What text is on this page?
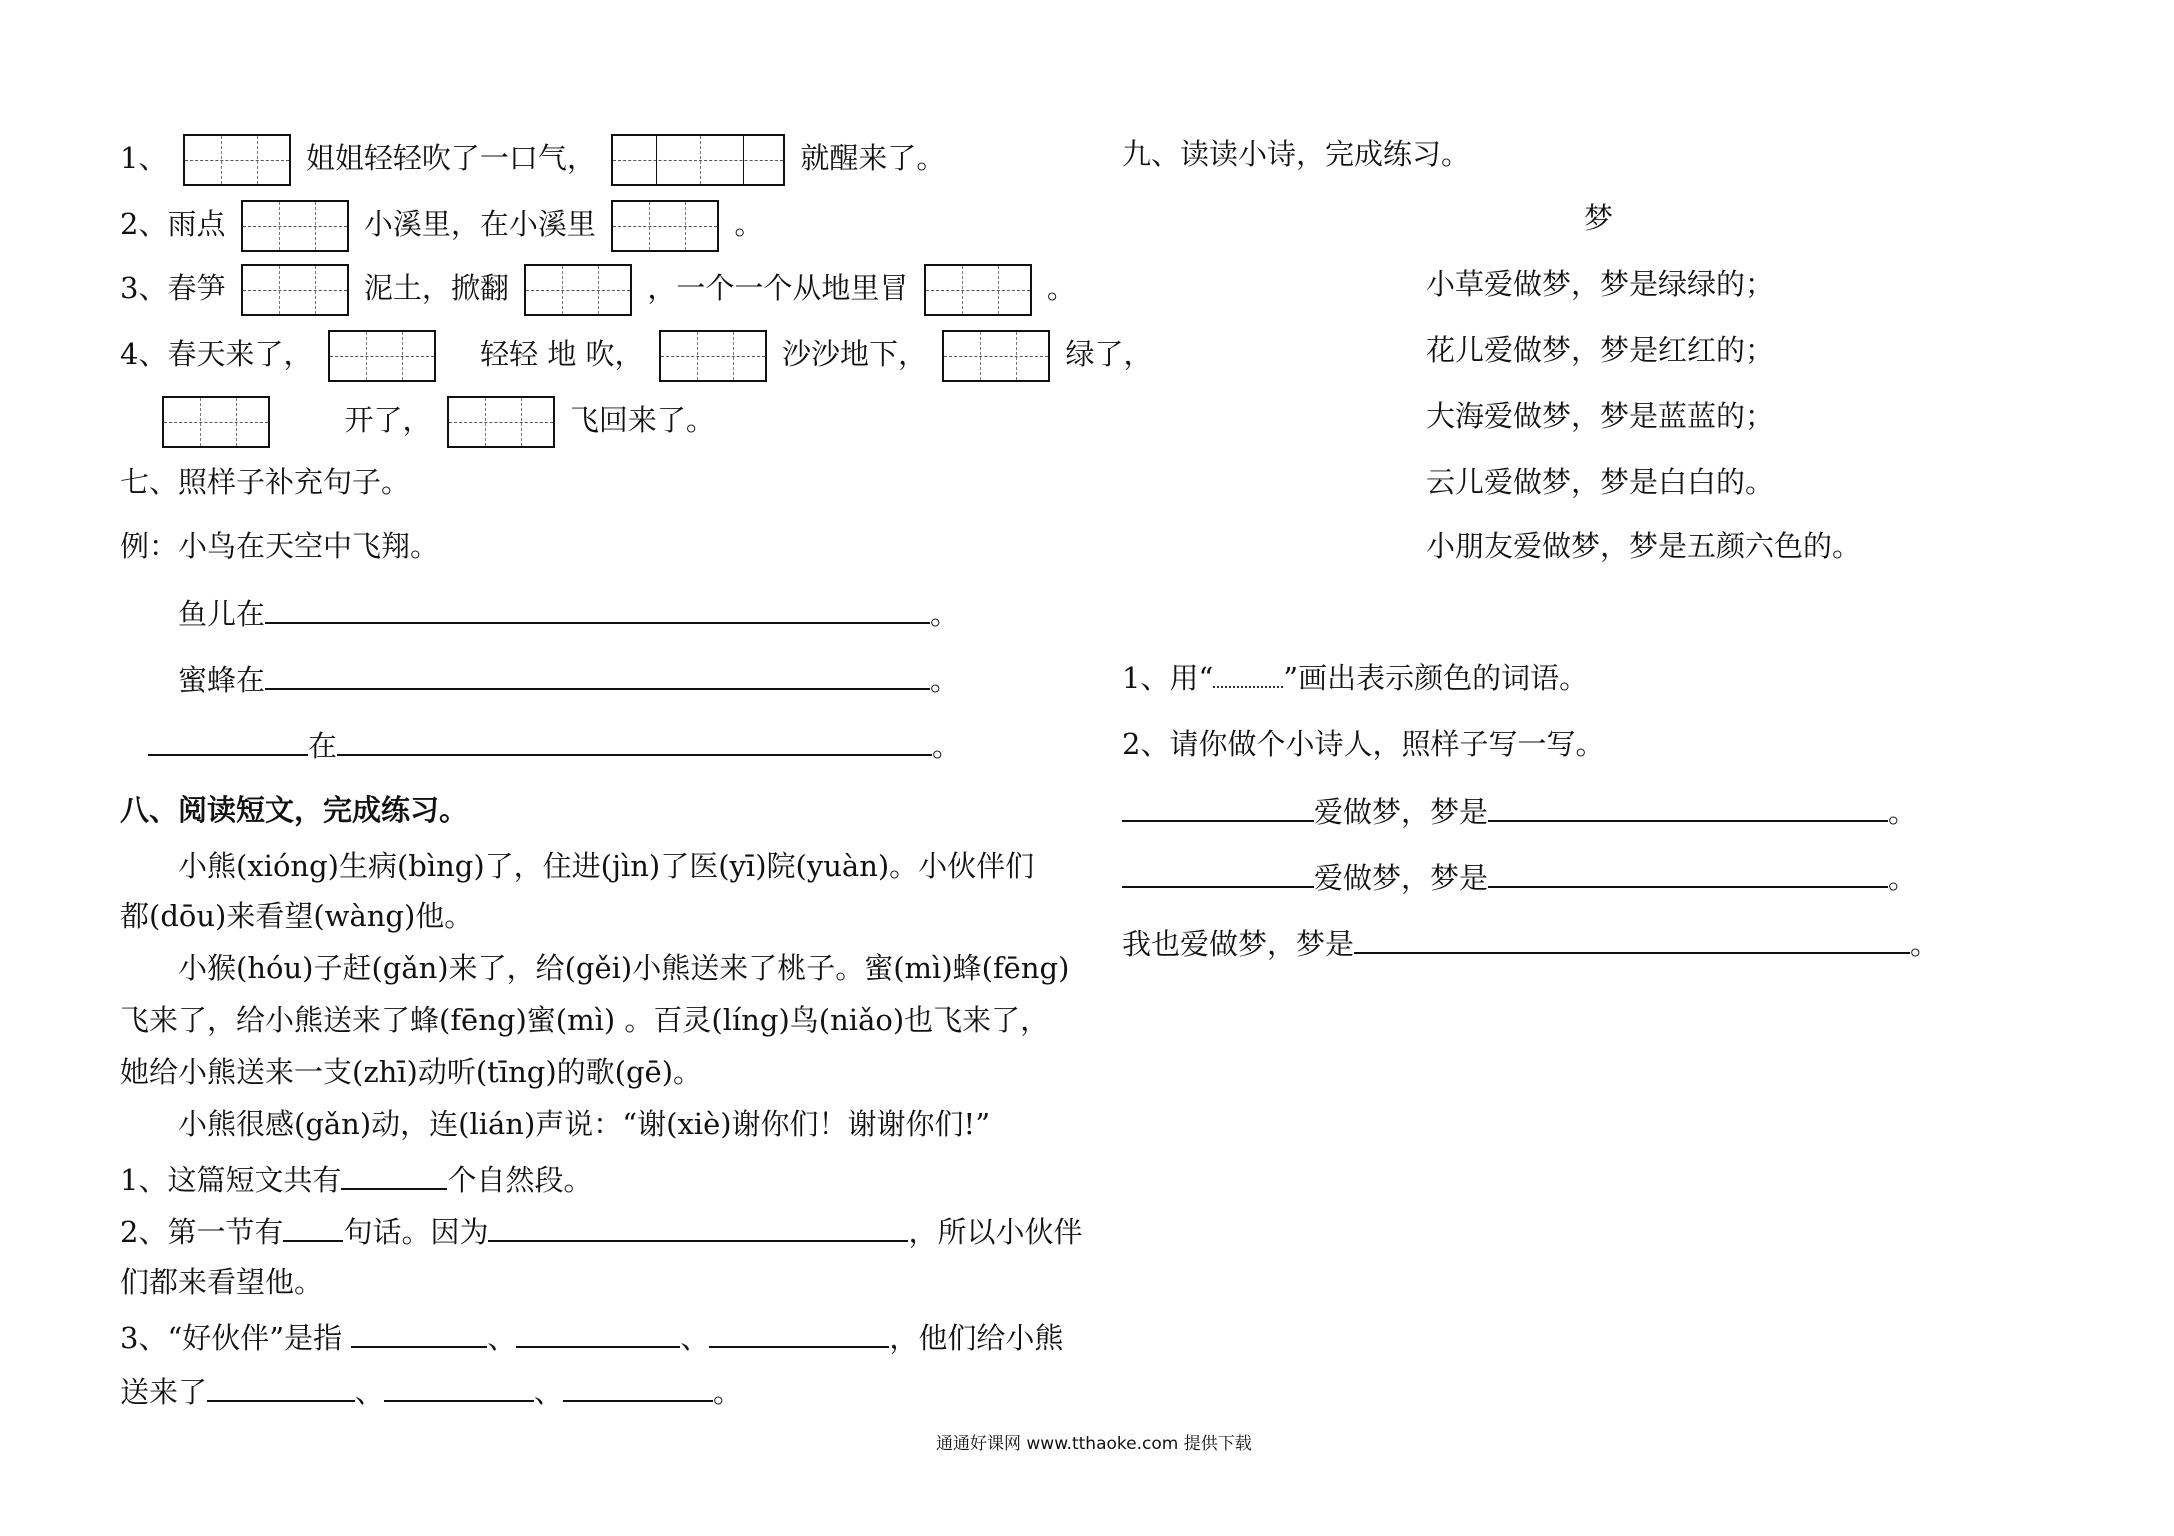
1、	姐姐轻轻吹了一口气，	就醒来了。
2、雨点	小溪里，在小溪里	。
3、春笋	泥土，掀翻	，一个一个从地里冒	。
4、春天来了，	轻轻 地 吹，	沙沙地下，	绿了，
开了，	飞回来了。
七、照样子补充句子。
例：小鸟在天空中飞翔。
鱼儿在	。
蜜蜂在	。
在	。
八、阅读短文，完成练习。
小熊(xióng)生病(bìng)了，住进(jìn)了医(yī)院(yuàn)。小伙伴们
都(dōu)来看望(wàng)他。
小猴(hóu)子赶(gǎn)来了，给(gěi)小熊送来了桃子。蜜(mì)蜂(fēng)
飞来了，给小熊送来了蜂(fēng)蜜(mì) 。百灵(líng)鸟(niǎo)也飞来了，
她给小熊送来一支(zhī)动听(tīng)的歌(gē)。
小熊很感(gǎn)动，连(lián)声说：“谢(xiè)谢你们！谢谢你们!”
1、这篇短文共有	个自然段。
2、第一节有 句话。因为	，所以小伙伴
们都来看望他。
3、“好伙伴”是指	、	、	，他们给小熊
送来了	、	、	。
九、读读小诗，完成练习。
梦
小草爱做梦，梦是绿绿的；
花儿爱做梦，梦是红红的；
大海爱做梦，梦是蓝蓝的；
云儿爱做梦，梦是白白的。
小朋友爱做梦，梦是五颜六色的。
1、用“ ”画出表示颜色的词语。
2、请你做个小诗人，照样子写一写。
爱做梦，梦是	。
爱做梦，梦是	。
我也爱做梦，梦是	。
通通好课网 www.tthaoke.com 提供下载
